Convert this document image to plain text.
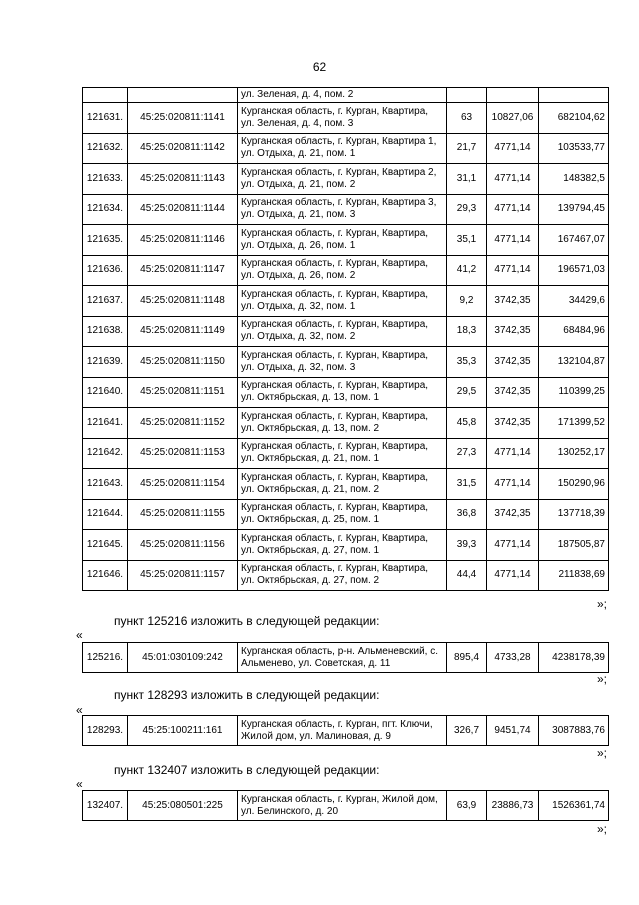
62
		ул. Зеленая, д. 4, пом. 2			
121631.	45:25:020811:1141	Курганская область, г. Курган, Квартира, ул. Зеленая, д. 4, пом. 3	63	10827,06	682104,62
121632.	45:25:020811:1142	Курганская область, г. Курган, Квартира 1, ул. Отдыха, д. 21, пом. 1	21,7	4771,14	103533,77
121633.	45:25:020811:1143	Курганская область, г. Курган, Квартира 2, ул. Отдыха, д. 21, пом. 2	31,1	4771,14	148382,5
121634.	45:25:020811:1144	Курганская область, г. Курган, Квартира 3, ул. Отдыха, д. 21, пом. 3	29,3	4771,14	139794,45
121635.	45:25:020811:1146	Курганская область, г. Курган, Квартира, ул. Отдыха, д. 26, пом. 1	35,1	4771,14	167467,07
121636.	45:25:020811:1147	Курганская область, г. Курган, Квартира, ул. Отдыха, д. 26, пом. 2	41,2	4771,14	196571,03
121637.	45:25:020811:1148	Курганская область, г. Курган, Квартира, ул. Отдыха, д. 32, пом. 1	9,2	3742,35	34429,6
121638.	45:25:020811:1149	Курганская область, г. Курган, Квартира, ул. Отдыха, д. 32, пом. 2	18,3	3742,35	68484,96
121639.	45:25:020811:1150	Курганская область, г. Курган, Квартира, ул. Отдыха, д. 32, пом. 3	35,3	3742,35	132104,87
121640.	45:25:020811:1151	Курганская область, г. Курган, Квартира, ул. Октябрьская, д. 13, пом. 1	29,5	3742,35	110399,25
121641.	45:25:020811:1152	Курганская область, г. Курган, Квартира, ул. Октябрьская, д. 13, пом. 2	45,8	3742,35	171399,52
121642.	45:25:020811:1153	Курганская область, г. Курган, Квартира, ул. Октябрьская, д. 21, пом. 1	27,3	4771,14	130252,17
121643.	45:25:020811:1154	Курганская область, г. Курган, Квартира, ул. Октябрьская, д. 21, пом. 2	31,5	4771,14	150290,96
121644.	45:25:020811:1155	Курганская область, г. Курган, Квартира, ул. Октябрьская, д. 25, пом. 1	36,8	3742,35	137718,39
121645.	45:25:020811:1156	Курганская область, г. Курган, Квартира, ул. Октябрьская, д. 27, пом. 1	39,3	4771,14	187505,87
121646.	45:25:020811:1157	Курганская область, г. Курган, Квартира, ул. Октябрьская, д. 27, пом. 2	44,4	4771,14	211838,69
»;
пункт 125216 изложить в следующей редакции:
«
125216.	45:01:030109:242	Курганская область, р-н. Альменевский, с. Альменево, ул. Советская, д. 11	895,4	4733,28	4238178,39
»;
пункт 128293 изложить в следующей редакции:
«
128293.	45:25:100211:161	Курганская область, г. Курган, пгт. Ключи, Жилой дом, ул. Малиновая, д. 9	326,7	9451,74	3087883,76
»;
пункт 132407 изложить в следующей редакции:
«
132407.	45:25:080501:225	Курганская область, г. Курган, Жилой дом, ул. Белинского, д. 20	63,9	23886,73	1526361,74
»;
